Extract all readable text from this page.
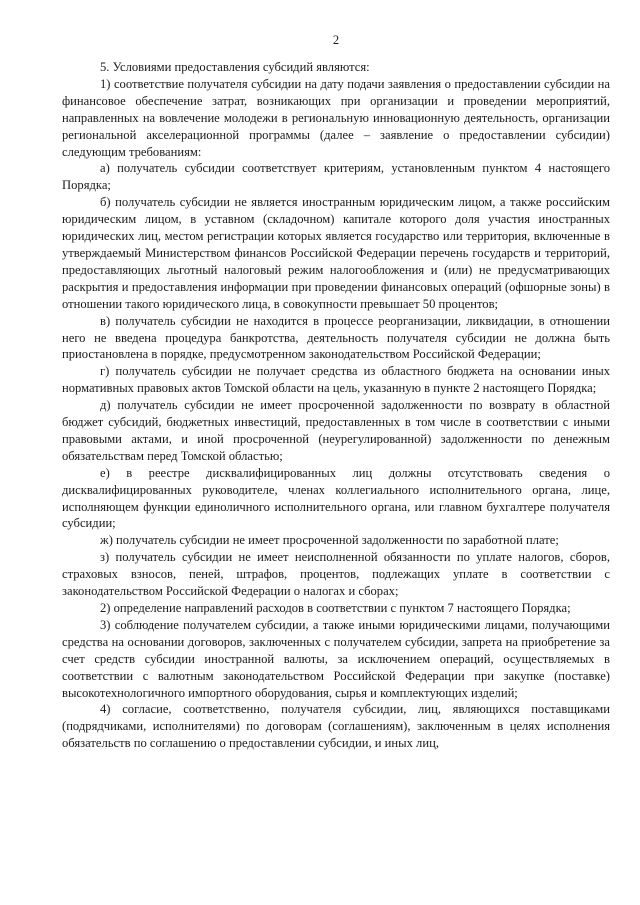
2

5. Условиями предоставления субсидий являются:

1) соответствие получателя субсидии на дату подачи заявления о предоставлении субсидии на финансовое обеспечение затрат, возникающих при организации и проведении мероприятий, направленных на вовлечение молодежи в региональную инновационную деятельность, организации региональной акселерационной программы (далее – заявление о предоставлении субсидии) следующим требованиям:

а) получатель субсидии соответствует критериям, установленным пунктом 4 настоящего Порядка;

б) получатель субсидии не является иностранным юридическим лицом, а также российским юридическим лицом, в уставном (складочном) капитале которого доля участия иностранных юридических лиц, местом регистрации которых является государство или территория, включенные в утверждаемый Министерством финансов Российской Федерации перечень государств и территорий, предоставляющих льготный налоговый режим налогообложения и (или) не предусматривающих раскрытия и предоставления информации при проведении финансовых операций (офшорные зоны) в отношении такого юридического лица, в совокупности превышает 50 процентов;

в) получатель субсидии не находится в процессе реорганизации, ликвидации, в отношении него не введена процедура банкротства, деятельность получателя субсидии не должна быть приостановлена в порядке, предусмотренном законодательством Российской Федерации;

г) получатель субсидии не получает средства из областного бюджета на основании иных нормативных правовых актов Томской области на цель, указанную в пункте 2 настоящего Порядка;

д) получатель субсидии не имеет просроченной задолженности по возврату в областной бюджет субсидий, бюджетных инвестиций, предоставленных в том числе в соответствии с иными правовыми актами, и иной просроченной (неурегулированной) задолженности по денежным обязательствам перед Томской областью;

е) в реестре дисквалифицированных лиц должны отсутствовать сведения о дисквалифицированных руководителе, членах коллегиального исполнительного органа, лице, исполняющем функции единоличного исполнительного органа, или главном бухгалтере получателя субсидии;

ж) получатель субсидии не имеет просроченной задолженности по заработной плате;

з) получатель субсидии не имеет неисполненной обязанности по уплате налогов, сборов, страховых взносов, пеней, штрафов, процентов, подлежащих уплате в соответствии с законодательством Российской Федерации о налогах и сборах;

2) определение направлений расходов в соответствии с пунктом 7 настоящего Порядка;

3) соблюдение получателем субсидии, а также иными юридическими лицами, получающими средства на основании договоров, заключенных с получателем субсидии, запрета на приобретение за счет средств субсидии иностранной валюты, за исключением операций, осуществляемых в соответствии с валютным законодательством Российской Федерации при закупке (поставке) высокотехнологичного импортного оборудования, сырья и комплектующих изделий;

4) согласие, соответственно, получателя субсидии, лиц, являющихся поставщиками (подрядчиками, исполнителями) по договорам (соглашениям), заключенным в целях исполнения обязательств по соглашению о предоставлении субсидии, и иных лиц,
